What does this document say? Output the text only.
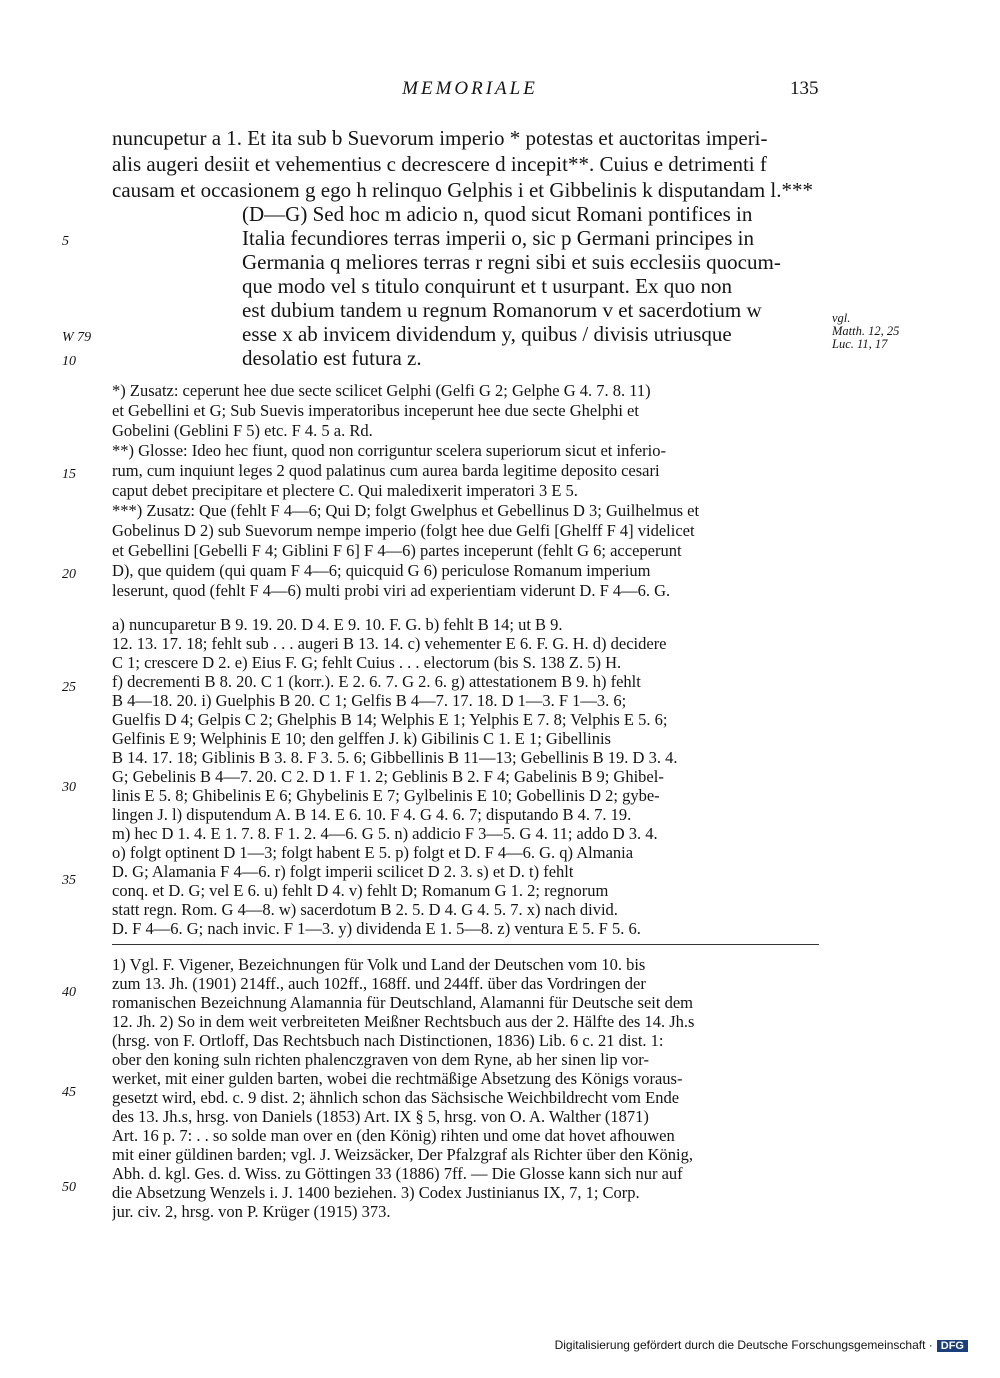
MEMORIALE	135
5
W 79
10
15
20
25
30
35
40
45
50
vgl.
Matth. 12, 25
Luc. 11, 17
nuncupetur a 1. Et ita sub b Suevorum imperio * potestas et auctoritas imperi-
alis augeri desiit et vehementius c decrescere d incepit**. Cuius e detrimenti f
causam et occasionem g ego h relinquo Gelphis i et Gibbelinis k disputandam l.***
(D—G) Sed hoc m adicio n, quod sicut Romani pontifices in
Italia fecundiores terras imperii o, sic p Germani principes in
Germania q meliores terras r regni sibi et suis ecclesiis quocum-
que modo vel s titulo conquirunt et t usurpant. Ex quo non
est dubium tandem u regnum Romanorum v et sacerdotium w
esse x ab invicem dividendum y, quibus / divisis utriusque
desolatio est futura z.
*) Zusatz: ceperunt hee due secte scilicet Gelphi (Gelfi G 2; Gelphe G 4. 7. 8. 11)
et Gebellini et G; Sub Suevis imperatoribus inceperunt hee due secte Ghelphi et
Gobelini (Geblini F 5) etc. F 4. 5 a. Rd.
**) Glosse: Ideo hec fiunt, quod non corriguntur scelera superiorum sicut et inferio-
rum, cum inquiunt leges 2 quod palatinus cum aurea barda legitime deposito cesari
caput debet precipitare et plectere C. Qui maledixerit imperatori 3 E 5.
***) Zusatz: Que (fehlt F 4—6; Qui D; folgt Gwelphus et Gebellinus D 3; Guilhelmus et
Gobelinus D 2) sub Suevorum nempe imperio (folgt hee due Gelfi [Ghelff F 4] videlicet
et Gebellini [Gebelli F 4; Giblini F 6] F 4—6) partes inceperunt (fehlt G 6; acceperunt
D), que quidem (qui quam F 4—6; quicquid G 6) periculose Romanum imperium
leserunt, quod (fehlt F 4—6) multi probi viri ad experientiam viderunt D. F 4—6. G.
a) nuncuparetur B 9. 19. 20. D 4. E 9. 10. F. G. b) fehlt B 14; ut B 9.
12. 13. 17. 18; fehlt sub . . . augeri B 13. 14. c) vehementer E 6. F. G. H. d) decidere
C 1; crescere D 2. e) Eius F. G; fehlt Cuius . . . electorum (bis S. 138 Z. 5) H.
f) decrementi B 8. 20. C 1 (korr.). E 2. 6. 7. G 2. 6. g) attestationem B 9. h) fehlt
B 4—18. 20. i) Guelphis B 20. C 1; Gelfis B 4—7. 17. 18. D 1—3. F 1—3. 6;
Guelfis D 4; Gelpis C 2; Ghelphis B 14; Welphis E 1; Yelphis E 7. 8; Velphis E 5. 6;
Gelfinis E 9; Welphinis E 10; den gelffen J. k) Gibilinis C 1. E 1; Gibellinis
B 14. 17. 18; Giblinis B 3. 8. F 3. 5. 6; Gibbellinis B 11—13; Gebellinis B 19. D 3. 4.
G; Gebelinis B 4—7. 20. C 2. D 1. F 1. 2; Geblinis B 2. F 4; Gabelinis B 9; Ghibel-
linis E 5. 8; Ghibelinis E 6; Ghybelinis E 7; Gylbelinis E 10; Gobellinis D 2; gybe-
lingen J. l) disputendum A. B 14. E 6. 10. F 4. G 4. 6. 7; disputando B 4. 7. 19.
m) hec D 1. 4. E 1. 7. 8. F 1. 2. 4—6. G 5. n) addicio F 3—5. G 4. 11; addo D 3. 4.
o) folgt optinent D 1—3; folgt habent E 5. p) folgt et D. F 4—6. G. q) Almania
D. G; Alamania F 4—6. r) folgt imperii scilicet D 2. 3. s) et D. t) fehlt
conq. et D. G; vel E 6. u) fehlt D 4. v) fehlt D; Romanum G 1. 2; regnorum
statt regn. Rom. G 4—8. w) sacerdotum B 2. 5. D 4. G 4. 5. 7. x) nach divid.
D. F 4—6. G; nach invic. F 1—3. y) dividenda E 1. 5—8. z) ventura E 5. F 5. 6.
1) Vgl. F. Vigener, Bezeichnungen für Volk und Land der Deutschen vom 10. bis
zum 13. Jh. (1901) 214ff., auch 102ff., 168ff. und 244ff. über das Vordringen der
romanischen Bezeichnung Alamannia für Deutschland, Alamanni für Deutsche seit dem
12. Jh. 2) So in dem weit verbreiteten Meißner Rechtsbuch aus der 2. Hälfte des 14. Jh.s
(hrsg. von F. Ortloff, Das Rechtsbuch nach Distinctionen, 1836) Lib. 6 c. 21 dist. 1:
ober den koning suln richten phalenczgraven von dem Ryne, ab her sinen lip vor-
werket, mit einer gulden barten, wobei die rechtmäßige Absetzung des Königs voraus-
gesetzt wird, ebd. c. 9 dist. 2; ähnlich schon das Sächsische Weichbildrecht vom Ende
des 13. Jh.s, hrsg. von Daniels (1853) Art. IX § 5, hrsg. von O. A. Walther (1871)
Art. 16 p. 7: . . so solde man over en (den König) rihten und ome dat hovet afhouwen
mit einer güldinen barden; vgl. J. Weizsäcker, Der Pfalzgraf als Richter über den König,
Abh. d. kgl. Ges. d. Wiss. zu Göttingen 33 (1886) 7ff. — Die Glosse kann sich nur auf
die Absetzung Wenzels i. J. 1400 beziehen. 3) Codex Justinianus IX, 7, 1; Corp.
jur. civ. 2, hrsg. von P. Krüger (1915) 373.
Digitalisierung gefördert durch die Deutsche Forschungsgemeinschaft · DFG
